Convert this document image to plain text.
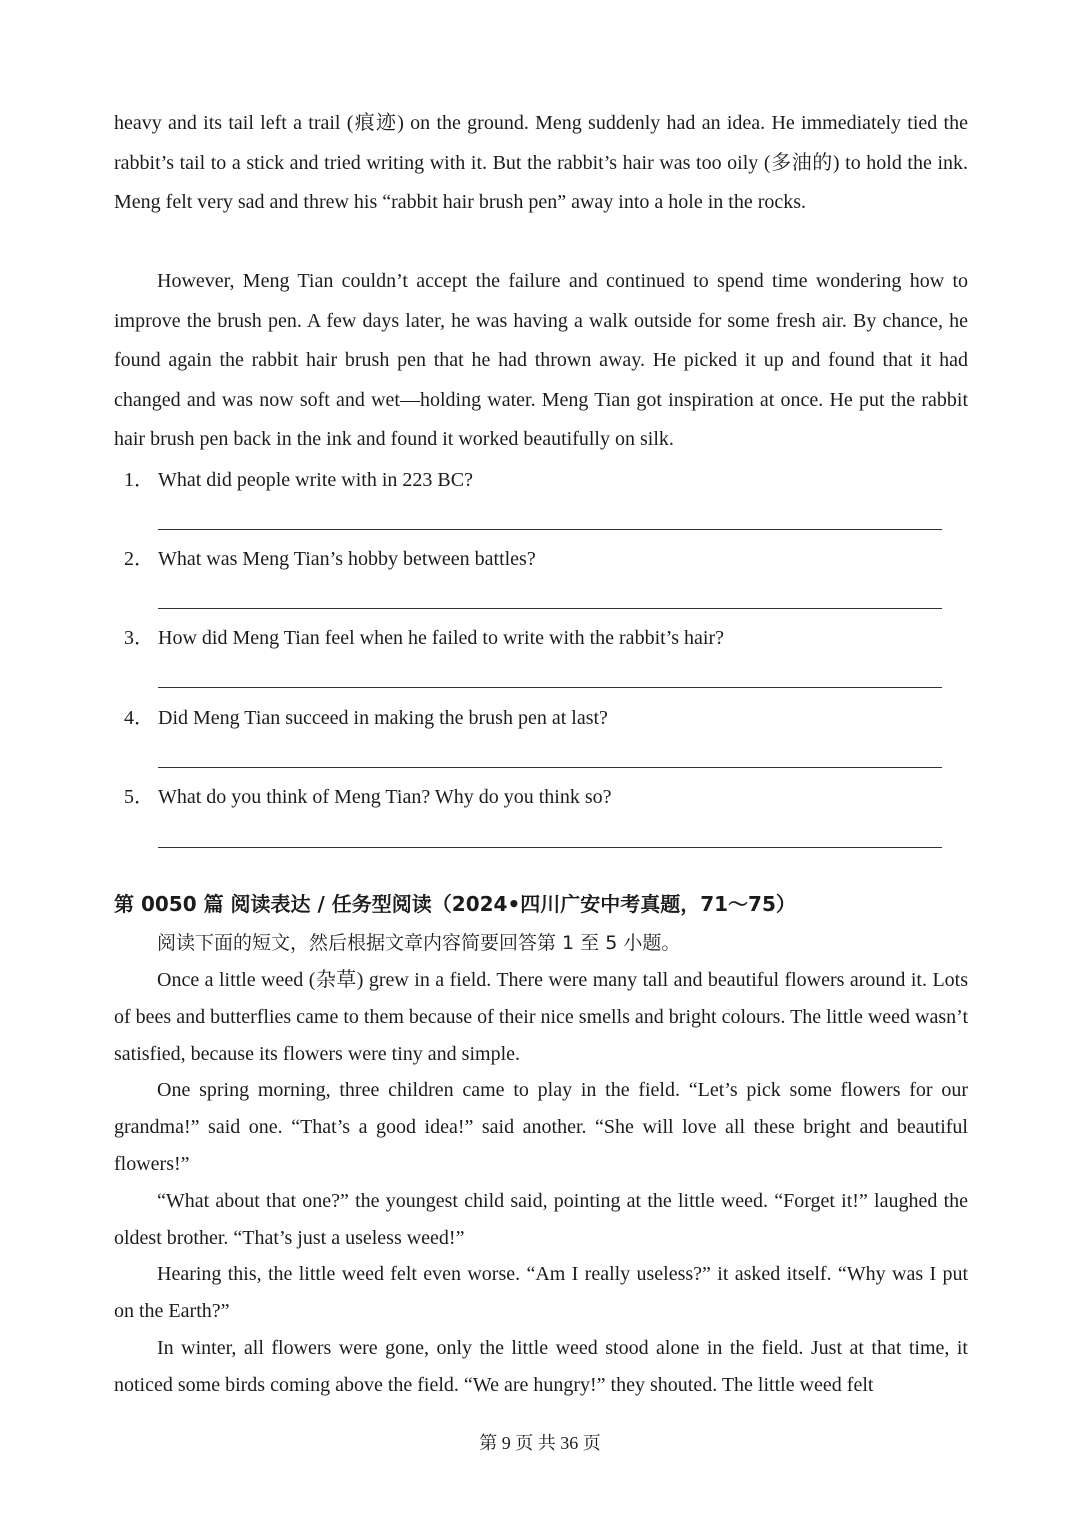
heavy and its tail left a trail (痕迹) on the ground. Meng suddenly had an idea. He immediately tied the rabbit’s tail to a stick and tried writing with it. But the rabbit’s hair was too oily (多油的) to hold the ink. Meng felt very sad and threw his “rabbit hair brush pen” away into a hole in the rocks.

However, Meng Tian couldn’t accept the failure and continued to spend time wondering how to improve the brush pen. A few days later, he was having a walk outside for some fresh air. By chance, he found again the rabbit hair brush pen that he had thrown away. He picked it up and found that it had changed and was now soft and wet—holding water. Meng Tian got inspiration at once. He put the rabbit hair brush pen back in the ink and found it worked beautifully on silk.

1． What did people write with in 223 BC?
2． What was Meng Tian’s hobby between battles?
3． How did Meng Tian feel when he failed to write with the rabbit’s hair?
4． Did Meng Tian succeed in making the brush pen at last?
5． What do you think of Meng Tian? Why do you think so?
第 0050 篇 阅读表达 / 任务型阅读（2024•四川广安中考真题，71～75）
阅读下面的短文，然后根据文章内容简要回答第 1 至 5 小题。
Once a little weed (杂草) grew in a field. There were many tall and beautiful flowers around it. Lots of bees and butterflies came to them because of their nice smells and bright colours. The little weed wasn’t satisfied, because its flowers were tiny and simple.
One spring morning, three children came to play in the field. “Let’s pick some flowers for our grandma!” said one. “That’s a good idea!” said another. “She will love all these bright and beautiful flowers!”
“What about that one?” the youngest child said, pointing at the little weed. “Forget it!” laughed the oldest brother. “That’s just a useless weed!”
Hearing this, the little weed felt even worse. “Am I really useless?” it asked itself. “Why was I put on the Earth?”
In winter, all flowers were gone, only the little weed stood alone in the field. Just at that time, it noticed some birds coming above the field. “We are hungry!” they shouted. The little weed felt
第 9 页 共 36 页
